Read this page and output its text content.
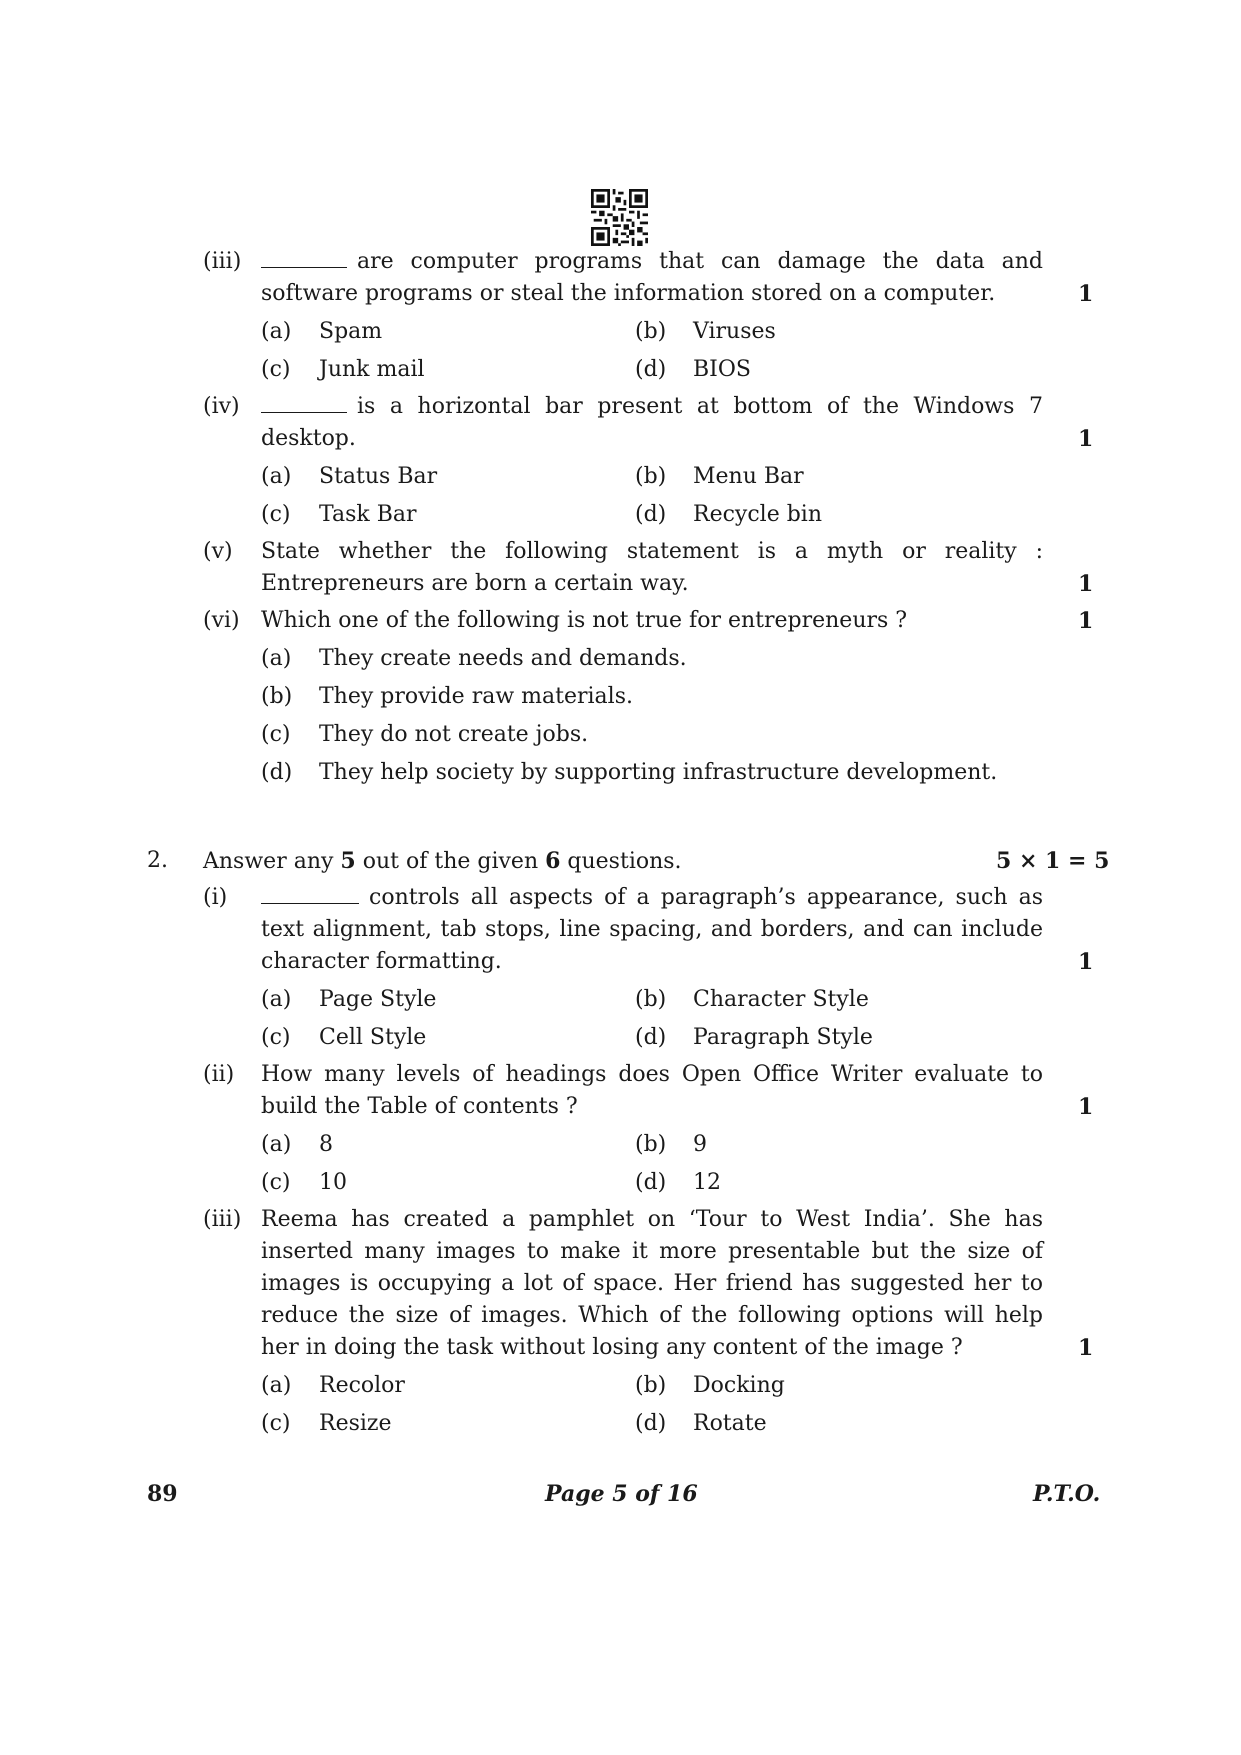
(iii)	are computer programs that can damage the data and
software programs or steal the information stored on a computer.	1
(a) Spam	(b) Viruses
(c) Junk mail	(d) BIOS
(iv)	is a horizontal bar present at bottom of the Windows 7
desktop.	1
(a) Status Bar	(b) Menu Bar
(c) Task Bar	(d) Recycle bin
(v) State whether the following statement is a myth or reality :
Entrepreneurs are born a certain way.	1
(vi) Which one of the following is not true for entrepreneurs ?	1
(a) They create needs and demands.
(b) They provide raw materials.
(c) They do not create jobs.
(d) They help society by supporting infrastructure development.
2. Answer any 5 out of the given 6 questions.	5 × 1 = 5
(i)	controls all aspects of a paragraph’s appearance, such as
text alignment, tab stops, line spacing, and borders, and can include
character formatting.	1
(a) Page Style	(b) Character Style
(c) Cell Style	(d) Paragraph Style
(ii) How many levels of headings does Open Office Writer evaluate to
build the Table of contents ?	1
(a) 8	(b) 9
(c) 10	(d) 12
(iii) Reema has created a pamphlet on ‘Tour to West India’. She has
inserted many images to make it more presentable but the size of
images is occupying a lot of space. Her friend has suggested her to
reduce the size of images. Which of the following options will help
her in doing the task without losing any content of the image ?	1
(a) Recolor	(b) Docking
(c) Resize	(d) Rotate
89	Page 5 of 16	P.T.O.
